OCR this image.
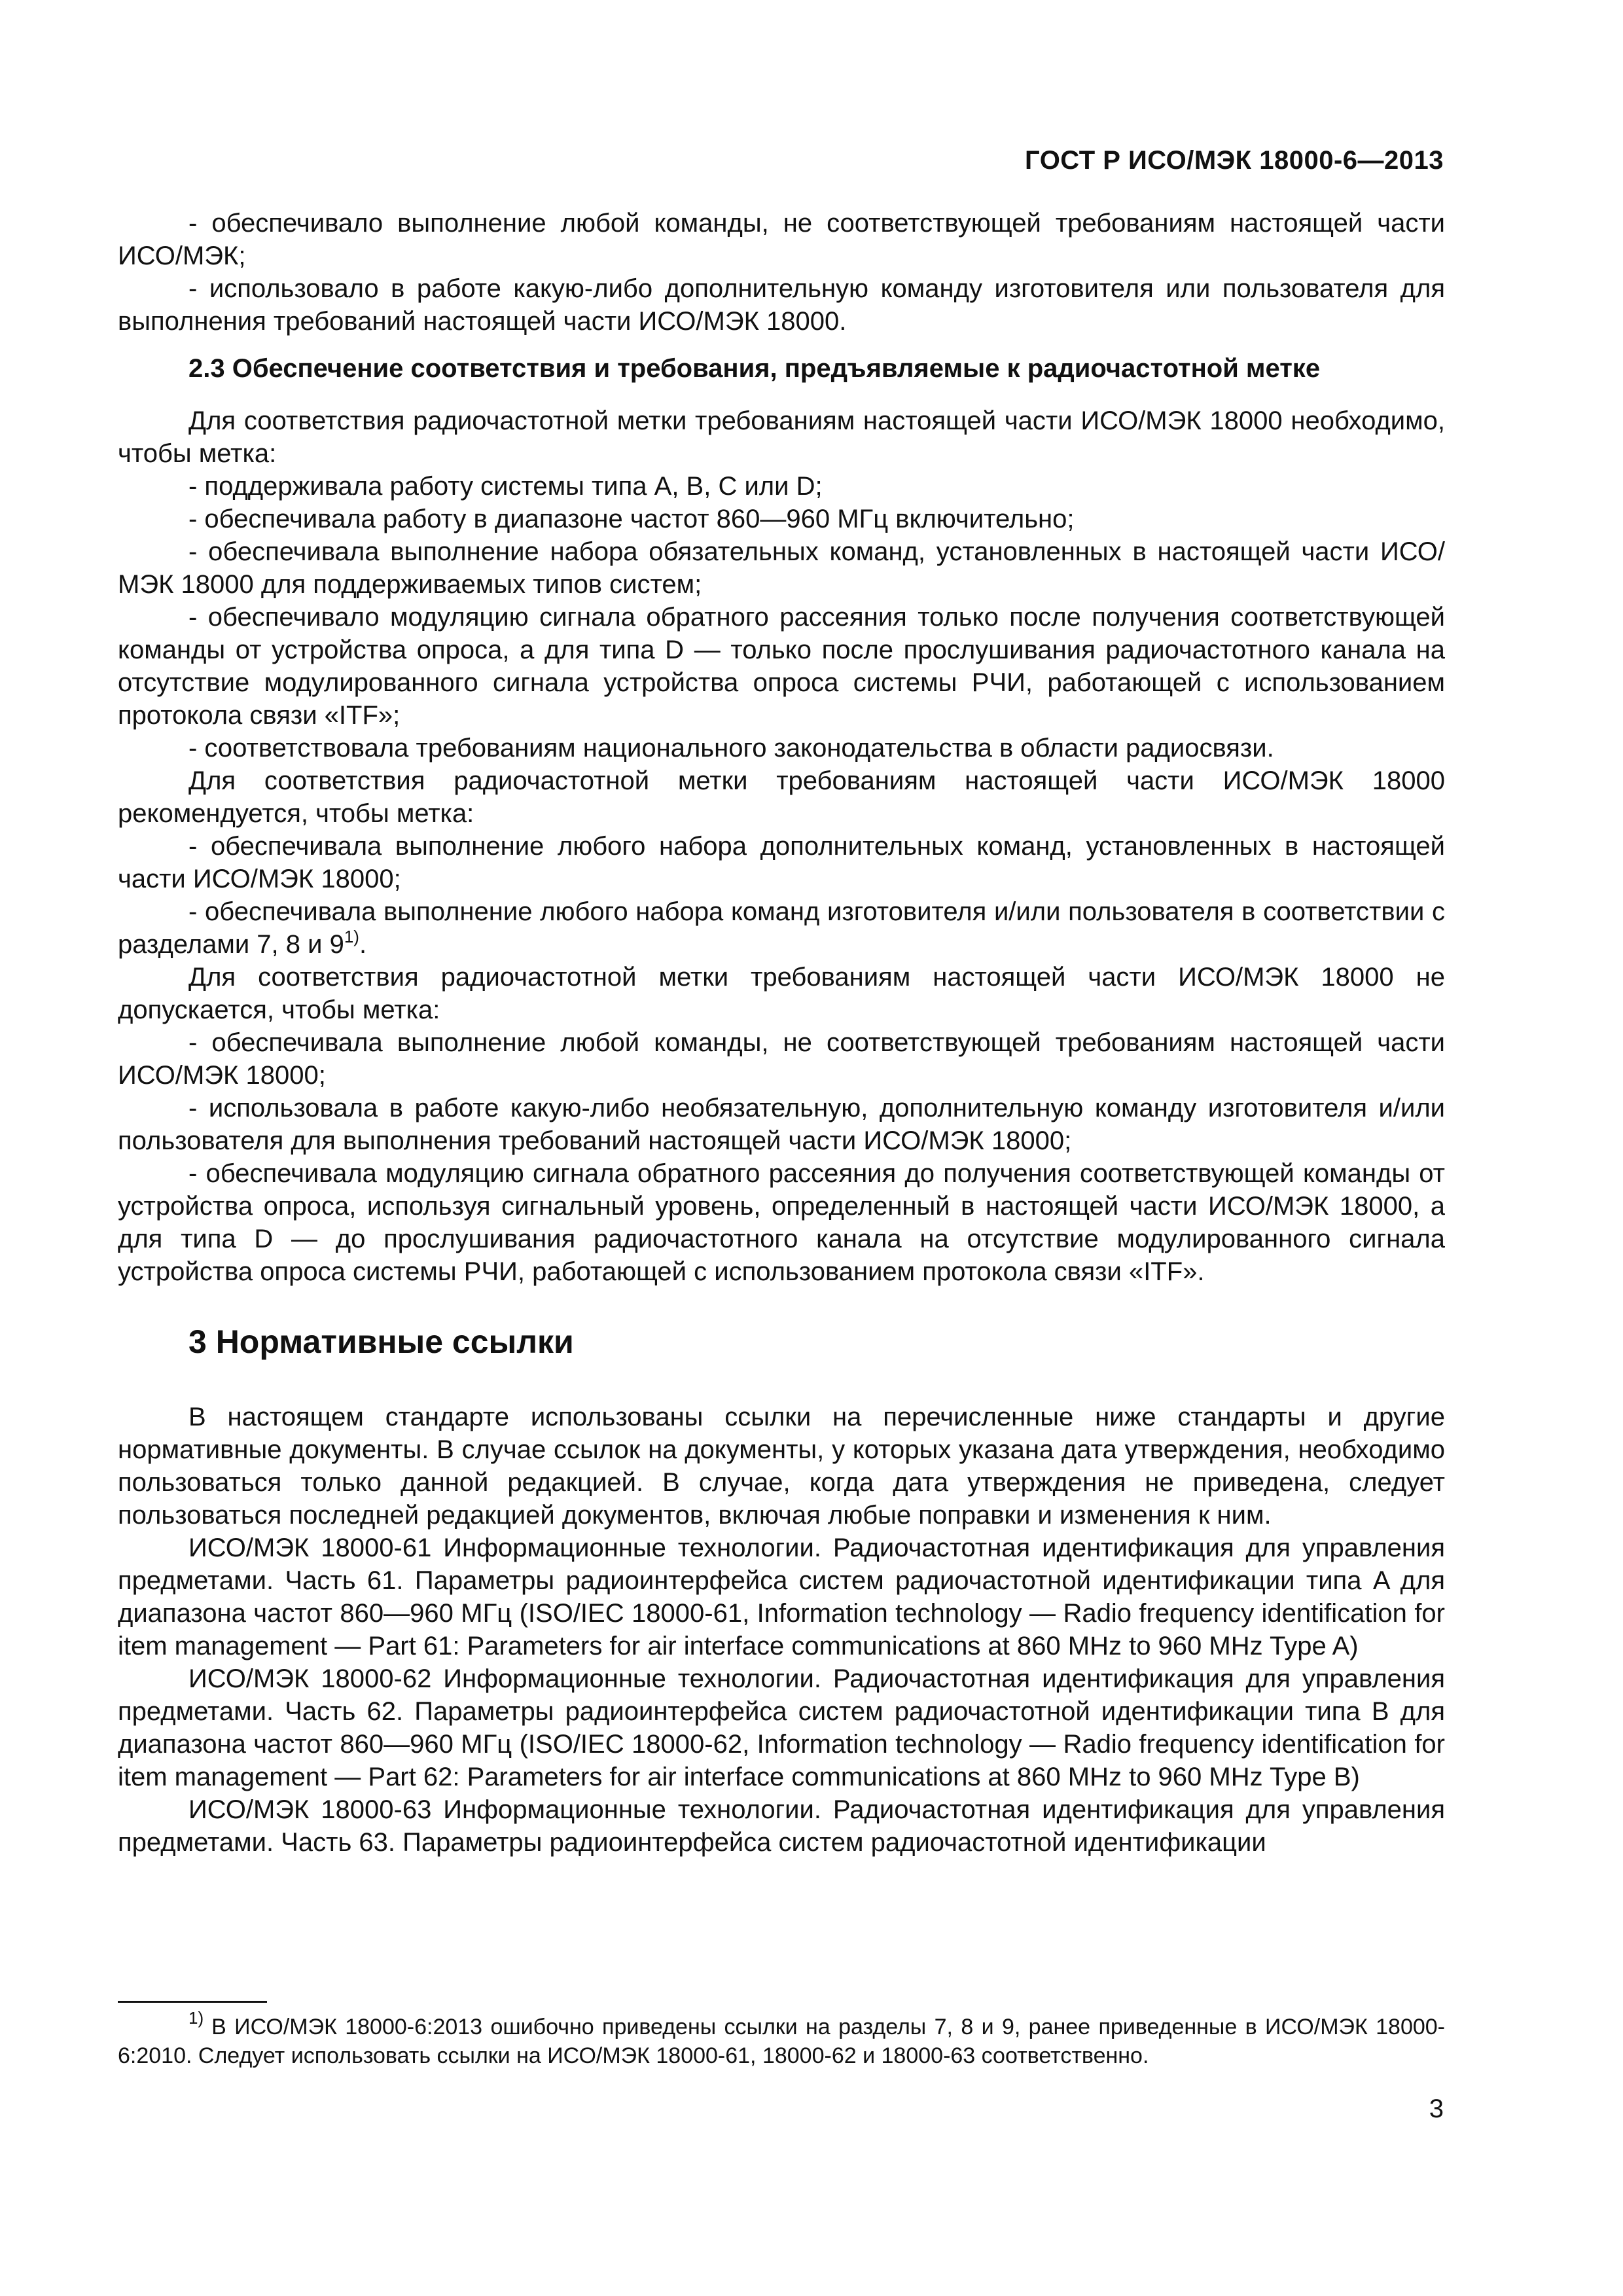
ГОСТ Р ИСО/МЭК 18000-6—2013

- обеспечивало выполнение любой команды, не соответствующей требованиям настоящей части ИСО/МЭК;

- использовало в работе какую-либо дополнительную команду изготовителя или пользователя для выполнения требований настоящей части ИСО/МЭК 18000.

2.3 Обеспечение соответствия и требования, предъявляемые к радиочастотной метке

Для соответствия радиочастотной метки требованиям настоящей части ИСО/МЭК 18000 необходимо, чтобы метка:

- поддерживала работу системы типа A, B, C или D;

- обеспечивала работу в диапазоне частот 860—960 МГц включительно;

- обеспечивала выполнение набора обязательных команд, установленных в настоящей части ИСО/МЭК 18000 для поддерживаемых типов систем;

- обеспечивало модуляцию сигнала обратного рассеяния только после получения соответствующей команды от устройства опроса, а для типа D — только после прослушивания радиочастотного канала на отсутствие модулированного сигнала устройства опроса системы РЧИ, работающей с использованием протокола связи «ITF»;

- соответствовала требованиям национального законодательства в области радиосвязи.

Для соответствия радиочастотной метки требованиям настоящей части ИСО/МЭК 18000 рекомендуется, чтобы метка:

- обеспечивала выполнение любого набора дополнительных команд, установленных в настоящей части ИСО/МЭК 18000;

- обеспечивала выполнение любого набора команд изготовителя и/или пользователя в соответствии с разделами 7, 8 и 9$^{1)}$.

Для соответствия радиочастотной метки требованиям настоящей части ИСО/МЭК 18000 не допускается, чтобы метка:

- обеспечивала выполнение любой команды, не соответствующей требованиям настоящей части ИСО/МЭК 18000;

- использовала в работе какую-либо необязательную, дополнительную команду изготовителя и/или пользователя для выполнения требований настоящей части ИСО/МЭК 18000;

- обеспечивала модуляцию сигнала обратного рассеяния до получения соответствующей команды от устройства опроса, используя сигнальный уровень, определенный в настоящей части ИСО/МЭК 18000, а для типа D — до прослушивания радиочастотного канала на отсутствие модулированного сигнала устройства опроса системы РЧИ, работающей с использованием протокола связи «ITF».

3 Нормативные ссылки

В настоящем стандарте использованы ссылки на перечисленные ниже стандарты и другие нормативные документы. В случае ссылок на документы, у которых указана дата утверждения, необходимо пользоваться только данной редакцией. В случае, когда дата утверждения не приведена, следует пользоваться последней редакцией документов, включая любые поправки и изменения к ним.

ИСО/МЭК 18000-61 Информационные технологии. Радиочастотная идентификация для управления предметами. Часть 61. Параметры радиоинтерфейса систем радиочастотной идентификации типа A для диапазона частот 860—960 МГц (ISO/IEC 18000-61, Information technology — Radio frequency identification for item management — Part 61: Parameters for air interface communications at 860 MHz to 960 MHz Type A)

ИСО/МЭК 18000-62 Информационные технологии. Радиочастотная идентификация для управления предметами. Часть 62. Параметры радиоинтерфейса систем радиочастотной идентификации типа B для диапазона частот 860—960 МГц (ISO/IEC 18000-62, Information technology — Radio frequency identification for item management — Part 62: Parameters for air interface communications at 860 MHz to 960 MHz Type B)

ИСО/МЭК 18000-63 Информационные технологии. Радиочастотная идентификация для управления предметами. Часть 63. Параметры радиоинтерфейса систем радиочастотной идентификации

$^{1)}$ В ИСО/МЭК 18000-6:2013 ошибочно приведены ссылки на разделы 7, 8 и 9, ранее приведенные в ИСО/МЭК 18000-6:2010. Следует использовать ссылки на ИСО/МЭК 18000-61, 18000-62 и 18000-63 соответственно.

3
